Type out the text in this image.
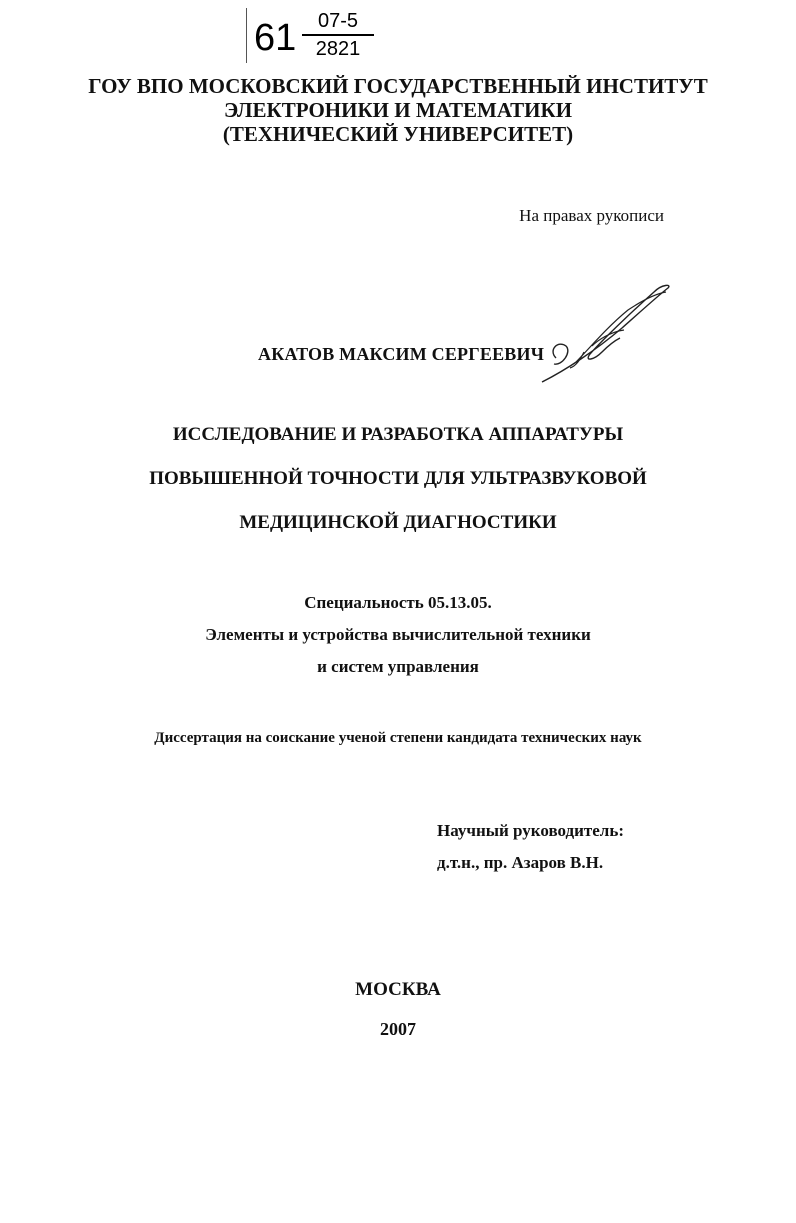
61	07-5
2821
ГОУ ВПО МОСКОВСКИЙ ГОСУДАРСТВЕННЫЙ ИНСТИТУТ
ЭЛЕКТРОНИКИ И МАТЕМАТИКИ
(ТЕХНИЧЕСКИЙ УНИВЕРСИТЕТ)
На правах рукописи
АКАТОВ МАКСИМ СЕРГЕЕВИЧ
ИССЛЕДОВАНИЕ И РАЗРАБОТКА АППАРАТУРЫ
ПОВЫШЕННОЙ ТОЧНОСТИ ДЛЯ УЛЬТРАЗВУКОВОЙ
МЕДИЦИНСКОЙ ДИАГНОСТИКИ
Специальность 05.13.05.
Элементы и устройства вычислительной техники
и систем управления
Диссертация на соискание ученой степени кандидата технических наук
Научный руководитель:
д.т.н., пр. Азаров В.Н.
МОСКВА
2007
